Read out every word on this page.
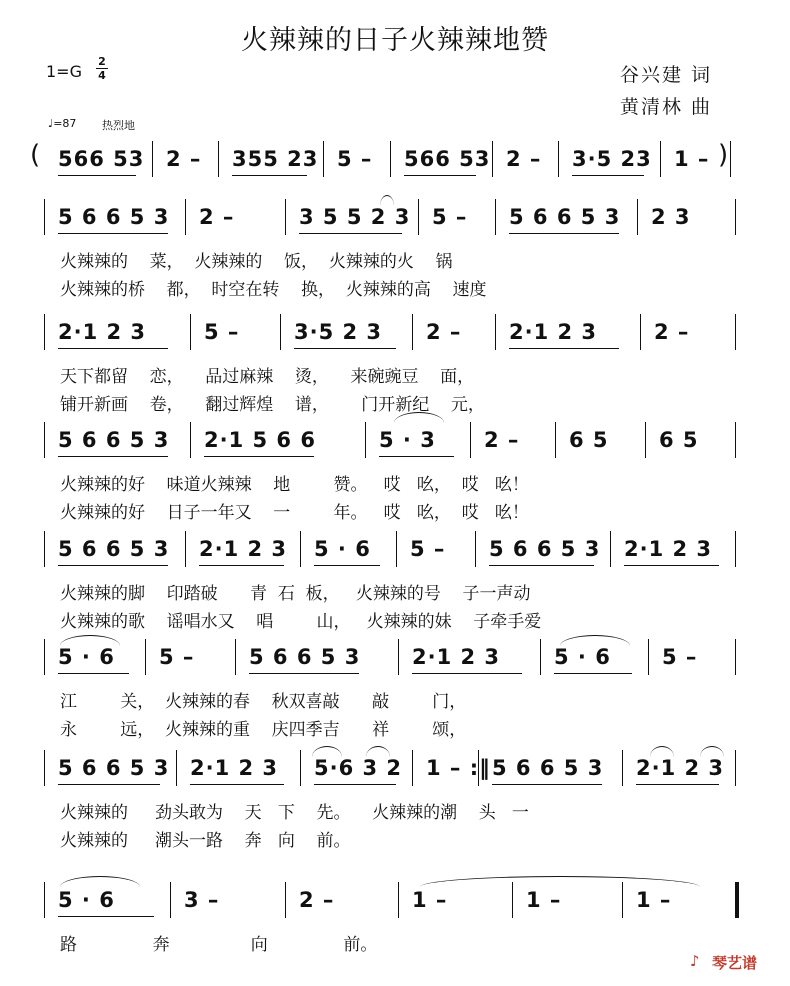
火辣辣的日子火辣辣地赞
1=G
2
4	谷兴建 词
黄清林 曲
♩=87 热烈地
566 53 2 – 355 23 5 – 566 53 2 – 3·5 23 1 –
5 6 6 5 3 2 –	3 5 5 2 3 5 – 5 6 6 5 3 2 3
火辣辣的    菜，  火辣辣的    饭，  火辣辣的火    锅
火辣辣的桥    都，  时空在转    换，  火辣辣的高    速度
2·1 2 3	5 –	3·5 2 3 2 – 2·1 2 3	2 –
天下都留    恋，    品过麻辣    烫，    来碗豌豆    面，
铺开新画    卷，    翻过辉煌    谱，      门开新纪    元，
5 6 6 5 3 2·1 5 6 6	5 · 3 2 – 6 5 6 5
火辣辣的好    味道火辣辣    地        赞。   哎   吆，  哎   吆！
火辣辣的好    日子一年又    一        年。   哎   吆，  哎   吆！
5 6 6 5 3 2·1 2 3 5 · 6 5 – 5 6 6 5 3 2·1 2 3
火辣辣的脚    印踏破      青  石  板，   火辣辣的号    子一声动
火辣辣的歌    谣唱水又    唱        山，   火辣辣的妹    子牵手爱
5 · 6 5 –	5 6 6 5 3 2·1 2 3	5 · 6 5 –
江        关，  火辣辣的春    秋双喜敲      敲        门，
永        远，  火辣辣的重    庆四季吉      祥        颂，
5 6 6 5 3 2·1 2 3 5·6 3 2 1 – :‖ 5 6 6 5 3 2·1 2 3
火辣辣的     劲头敢为    天   下    先。    火辣辣的潮    头   一
火辣辣的     潮头一路    奔   向    前。
5 · 6	3 –	2 –	1 –	1 –	1 –
路              奔               向              前。
(	)
♪ 琴艺谱
